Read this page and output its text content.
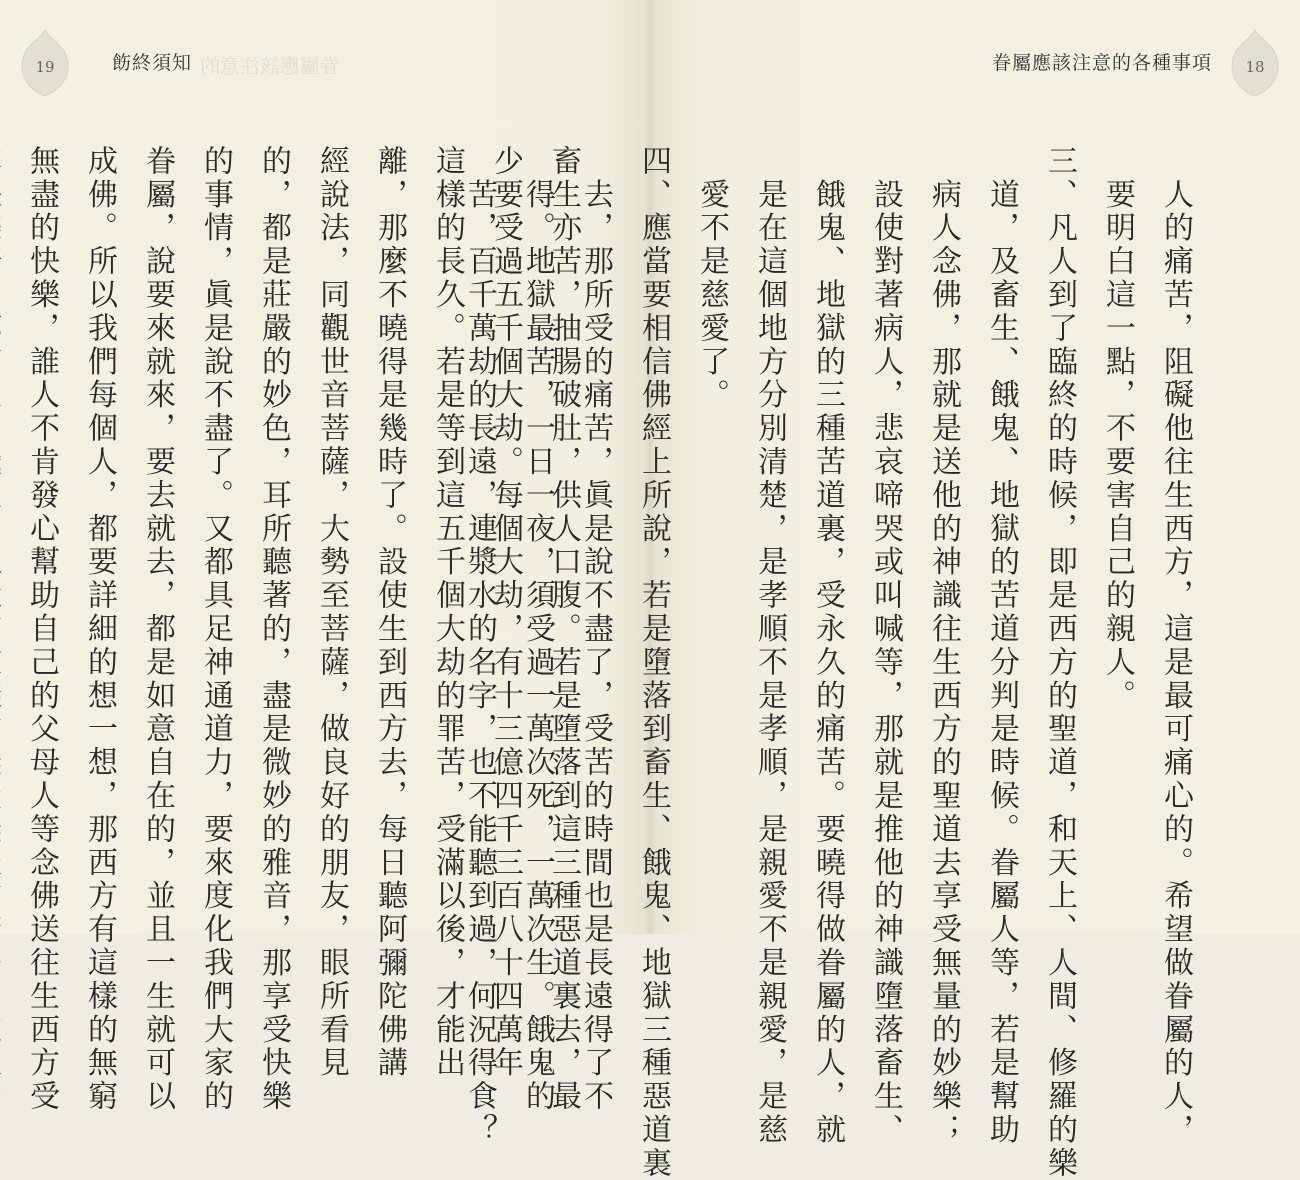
19	飭終須知 眷屬應該注意的
畜生亦苦，抽腸破肚，供人口腹。若是墮落到這三種惡道裏去，最
少要受過五千個大劫。每個大劫，有十三億四千三百八十四萬年
這樣的長久。若是等到這五千個大劫的罪苦，受滿以後，才能出
離，那麼不曉得是幾時了。設使生到西方去，每日聽阿彌陀佛講
經說法，同觀世音菩薩，大勢至菩薩，做良好的朋友，眼所看見
的，都是莊嚴的妙色，耳所聽著的，盡是微妙的雅音，那享受快樂
的事情，眞是說不盡了。又都具足神通道力，要來度化我們大家的
眷屬，說要來就來，要去就去，都是如意自在的，並且一生就可以
成佛。所以我們每個人，都要詳細的想一想，那西方有這樣的無窮
無盡的快樂，誰人不肯發心幫助自己的父母人等念佛送往生西方受
18
眷屬應該注意的各種事項
　人的痛苦，阻礙他往生西方，這是最可痛心的。希望做眷屬的人，
　要明白這一點，不要害自己的親人。
三、凡人到了臨終的時候，即是西方的聖道，和天上、人間、修羅的樂
　道，及畜生、餓鬼、地獄的苦道分判是時候。眷屬人等，若是幫助
　病人念佛，那就是送他的神識往生西方的聖道去享受無量的妙樂；
　設使對著病人，悲哀啼哭或叫喊等，那就是推他的神識墮落畜生、
　餓鬼、地獄的三種苦道裏，受永久的痛苦。要曉得做眷屬的人，就
　是在這個地方分別清楚，是孝順不是孝順，是親愛不是親愛，是慈
　愛不是慈愛了。
四、應當要相信佛經上所說，若是墮落到畜生、餓鬼、地獄三種惡道裏
　去，那所受的痛苦，眞是說不盡了，受苦的時間也是長遠得了不
　得。地獄最苦，一日一夜，須受過一萬次死，一萬次生。餓鬼的
　苦，百千萬劫的長遠，連漿水的名字，也不能聽到過，何況得食？
